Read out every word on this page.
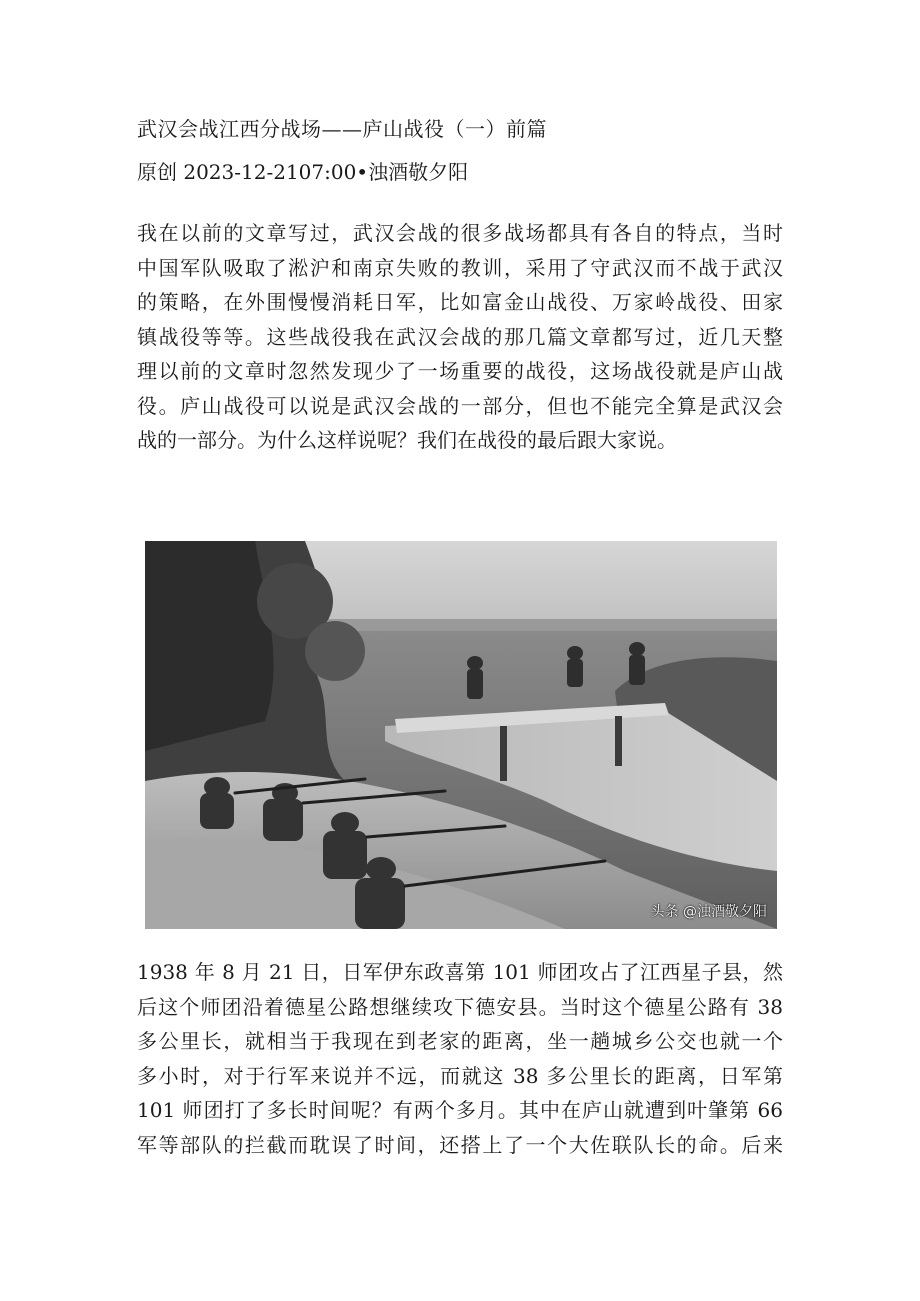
武汉会战江西分战场——庐山战役（一）前篇
原创 2023-12-2107:00•浊酒敬夕阳
我在以前的文章写过，武汉会战的很多战场都具有各自的特点，当时
中国军队吸取了淞沪和南京失败的教训，采用了守武汉而不战于武汉
的策略，在外围慢慢消耗日军，比如富金山战役、万家岭战役、田家
镇战役等等。这些战役我在武汉会战的那几篇文章都写过，近几天整
理以前的文章时忽然发现少了一场重要的战役，这场战役就是庐山战
役。庐山战役可以说是武汉会战的一部分，但也不能完全算是武汉会
战的一部分。为什么这样说呢？我们在战役的最后跟大家说。
头条 @浊酒敬夕阳
1938 年 8 月 21 日，日军伊东政喜第 101 师团攻占了江西星子县，然
后这个师团沿着德星公路想继续攻下德安县。当时这个德星公路有 38
多公里长，就相当于我现在到老家的距离，坐一趟城乡公交也就一个
多小时，对于行军来说并不远，而就这 38 多公里长的距离，日军第
101 师团打了多长时间呢？有两个多月。其中在庐山就遭到叶肇第 66
军等部队的拦截而耽误了时间，还搭上了一个大佐联队长的命。后来
